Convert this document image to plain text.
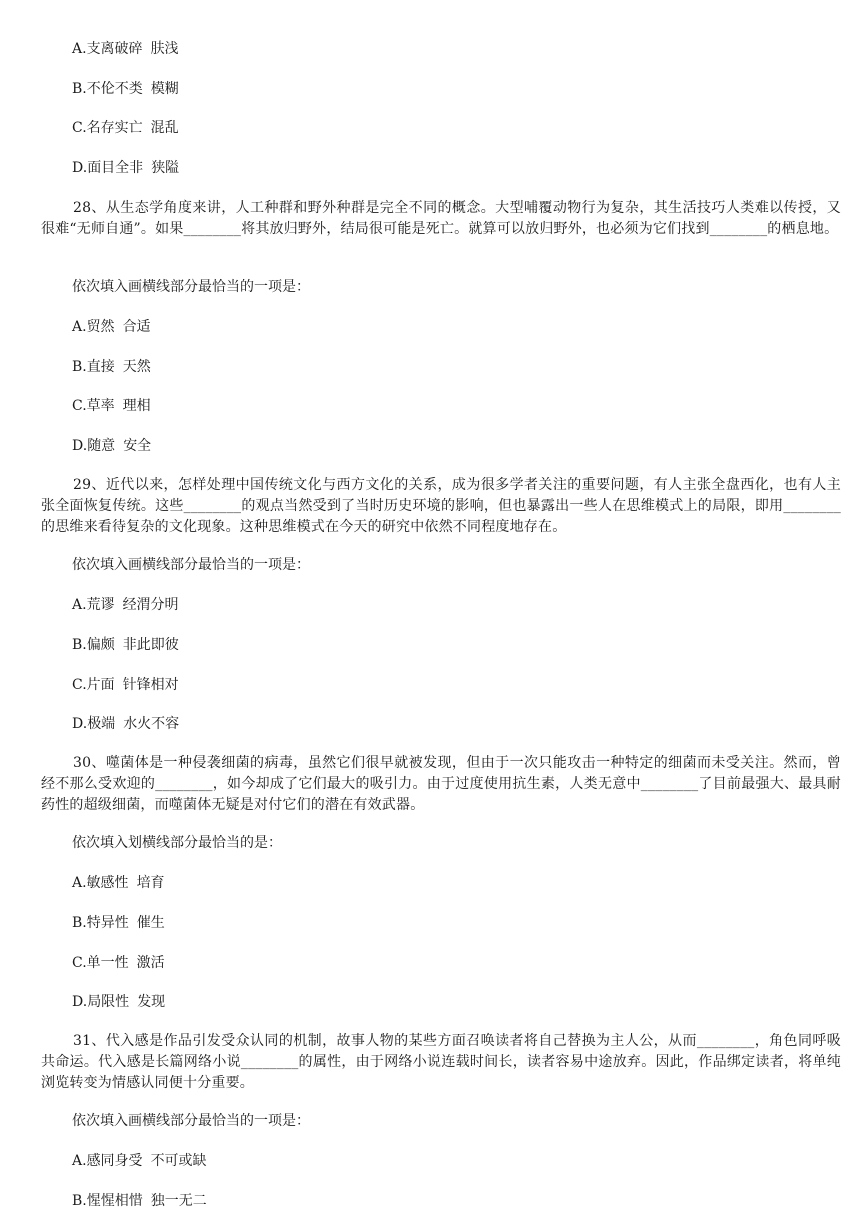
A.支离破碎 肤浅
B.不伦不类 模糊
C.名存实亡 混乱
D.面目全非 狭隘
28、从生态学角度来讲，人工种群和野外种群是完全不同的概念。大型哺覆动物行为复杂，其生活技巧人类难以传授，又很难“无师自通”。如果________将其放归野外，结局很可能是死亡。就算可以放归野外，也必须为它们找到________的栖息地。
依次填入画横线部分最恰当的一项是：
A.贸然 合适
B.直接 天然
C.草率 理相
D.随意 安全
29、近代以来，怎样处理中国传统文化与西方文化的关系，成为很多学者关注的重要问题，有人主张全盘西化，也有人主张全面恢复传统。这些________的观点当然受到了当时历史环境的影响，但也暴露出一些人在思维模式上的局限，即用________的思维来看待复杂的文化现象。这种思维模式在今天的研究中依然不同程度地存在。
依次填入画横线部分最恰当的一项是：
A.荒谬 经渭分明
B.偏颇 非此即彼
C.片面 针锋相对
D.极端 水火不容
30、噬菌体是一种侵袭细菌的病毒，虽然它们很早就被发现，但由于一次只能攻击一种特定的细菌而未受关注。然而，曾经不那么受欢迎的________，如今却成了它们最大的吸引力。由于过度使用抗生素，人类无意中________了目前最强大、最具耐药性的超级细菌，而噬菌体无疑是对付它们的潜在有效武器。
依次填入划横线部分最恰当的是：
A.敏感性 培育
B.特异性 催生
C.单一性 激活
D.局限性 发现
31、代入感是作品引发受众认同的机制，故事人物的某些方面召唤读者将自己替换为主人公，从而________，角色同呼吸共命运。代入感是长篇网络小说________的属性，由于网络小说连载时间长，读者容易中途放弃。因此，作品绑定读者，将单纯浏览转变为情感认同便十分重要。
依次填入画横线部分最恰当的一项是：
A.感同身受 不可或缺
B.惺惺相惜 独一无二
